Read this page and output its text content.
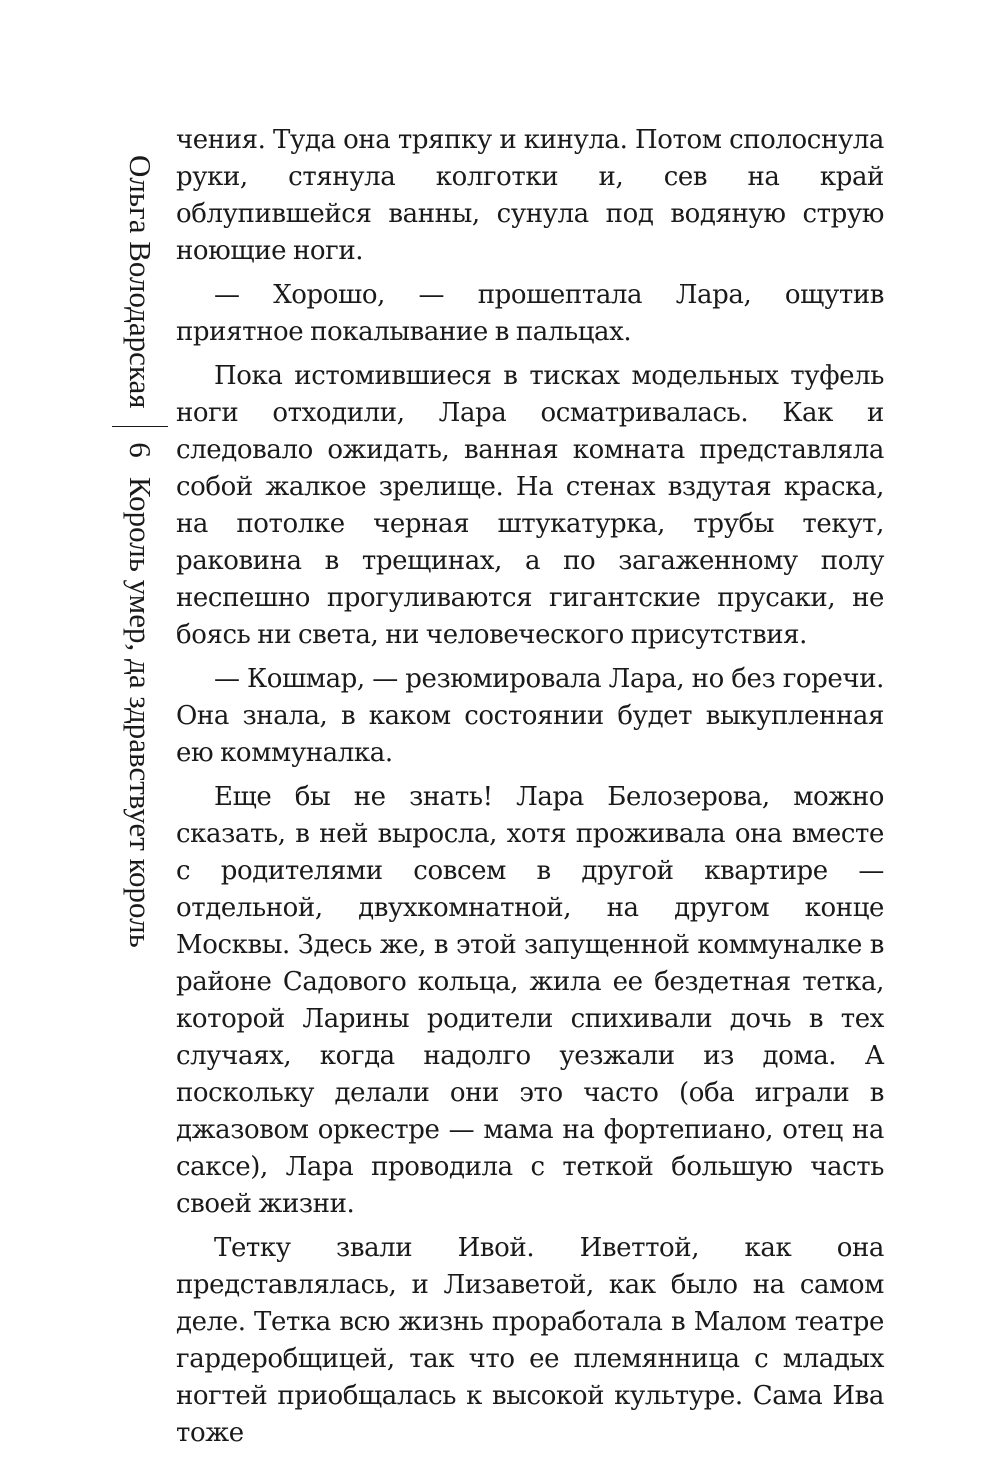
Ольга Володарская
6
Король умер, да здравствует король

чения. Туда она тряпку и кинула. Потом сполоснула руки, стянула колготки и, сев на край облупившейся ванны, сунула под водяную струю ноющие ноги.

— Хорошо, — прошептала Лара, ощутив приятное покалывание в пальцах.

Пока истомившиеся в тисках модельных туфель ноги отходили, Лара осматривалась. Как и следовало ожидать, ванная комната представляла собой жалкое зрелище. На стенах вздутая краска, на потолке черная штукатурка, трубы текут, раковина в трещинах, а по загаженному полу неспешно прогуливаются гигантские прусаки, не боясь ни света, ни человеческого присутствия.

— Кошмар, — резюмировала Лара, но без горечи. Она знала, в каком состоянии будет выкупленная ею коммуналка.

Еще бы не знать! Лара Белозерова, можно сказать, в ней выросла, хотя проживала она вместе с родителями совсем в другой квартире — отдельной, двухкомнатной, на другом конце Москвы. Здесь же, в этой запущенной коммуналке в районе Садового кольца, жила ее бездетная тетка, которой Ларины родители спихивали дочь в тех случаях, когда надолго уезжали из дома. А поскольку делали они это часто (оба играли в джазовом оркестре — мама на фортепиано, отец на саксе), Лара проводила с теткой большую часть своей жизни.

Тетку звали Ивой. Иветтой, как она представлялась, и Лизаветой, как было на самом деле. Тетка всю жизнь проработала в Малом театре гардеробщицей, так что ее племянница с младых ногтей приобщалась к высокой культуре. Сама Ива тоже
